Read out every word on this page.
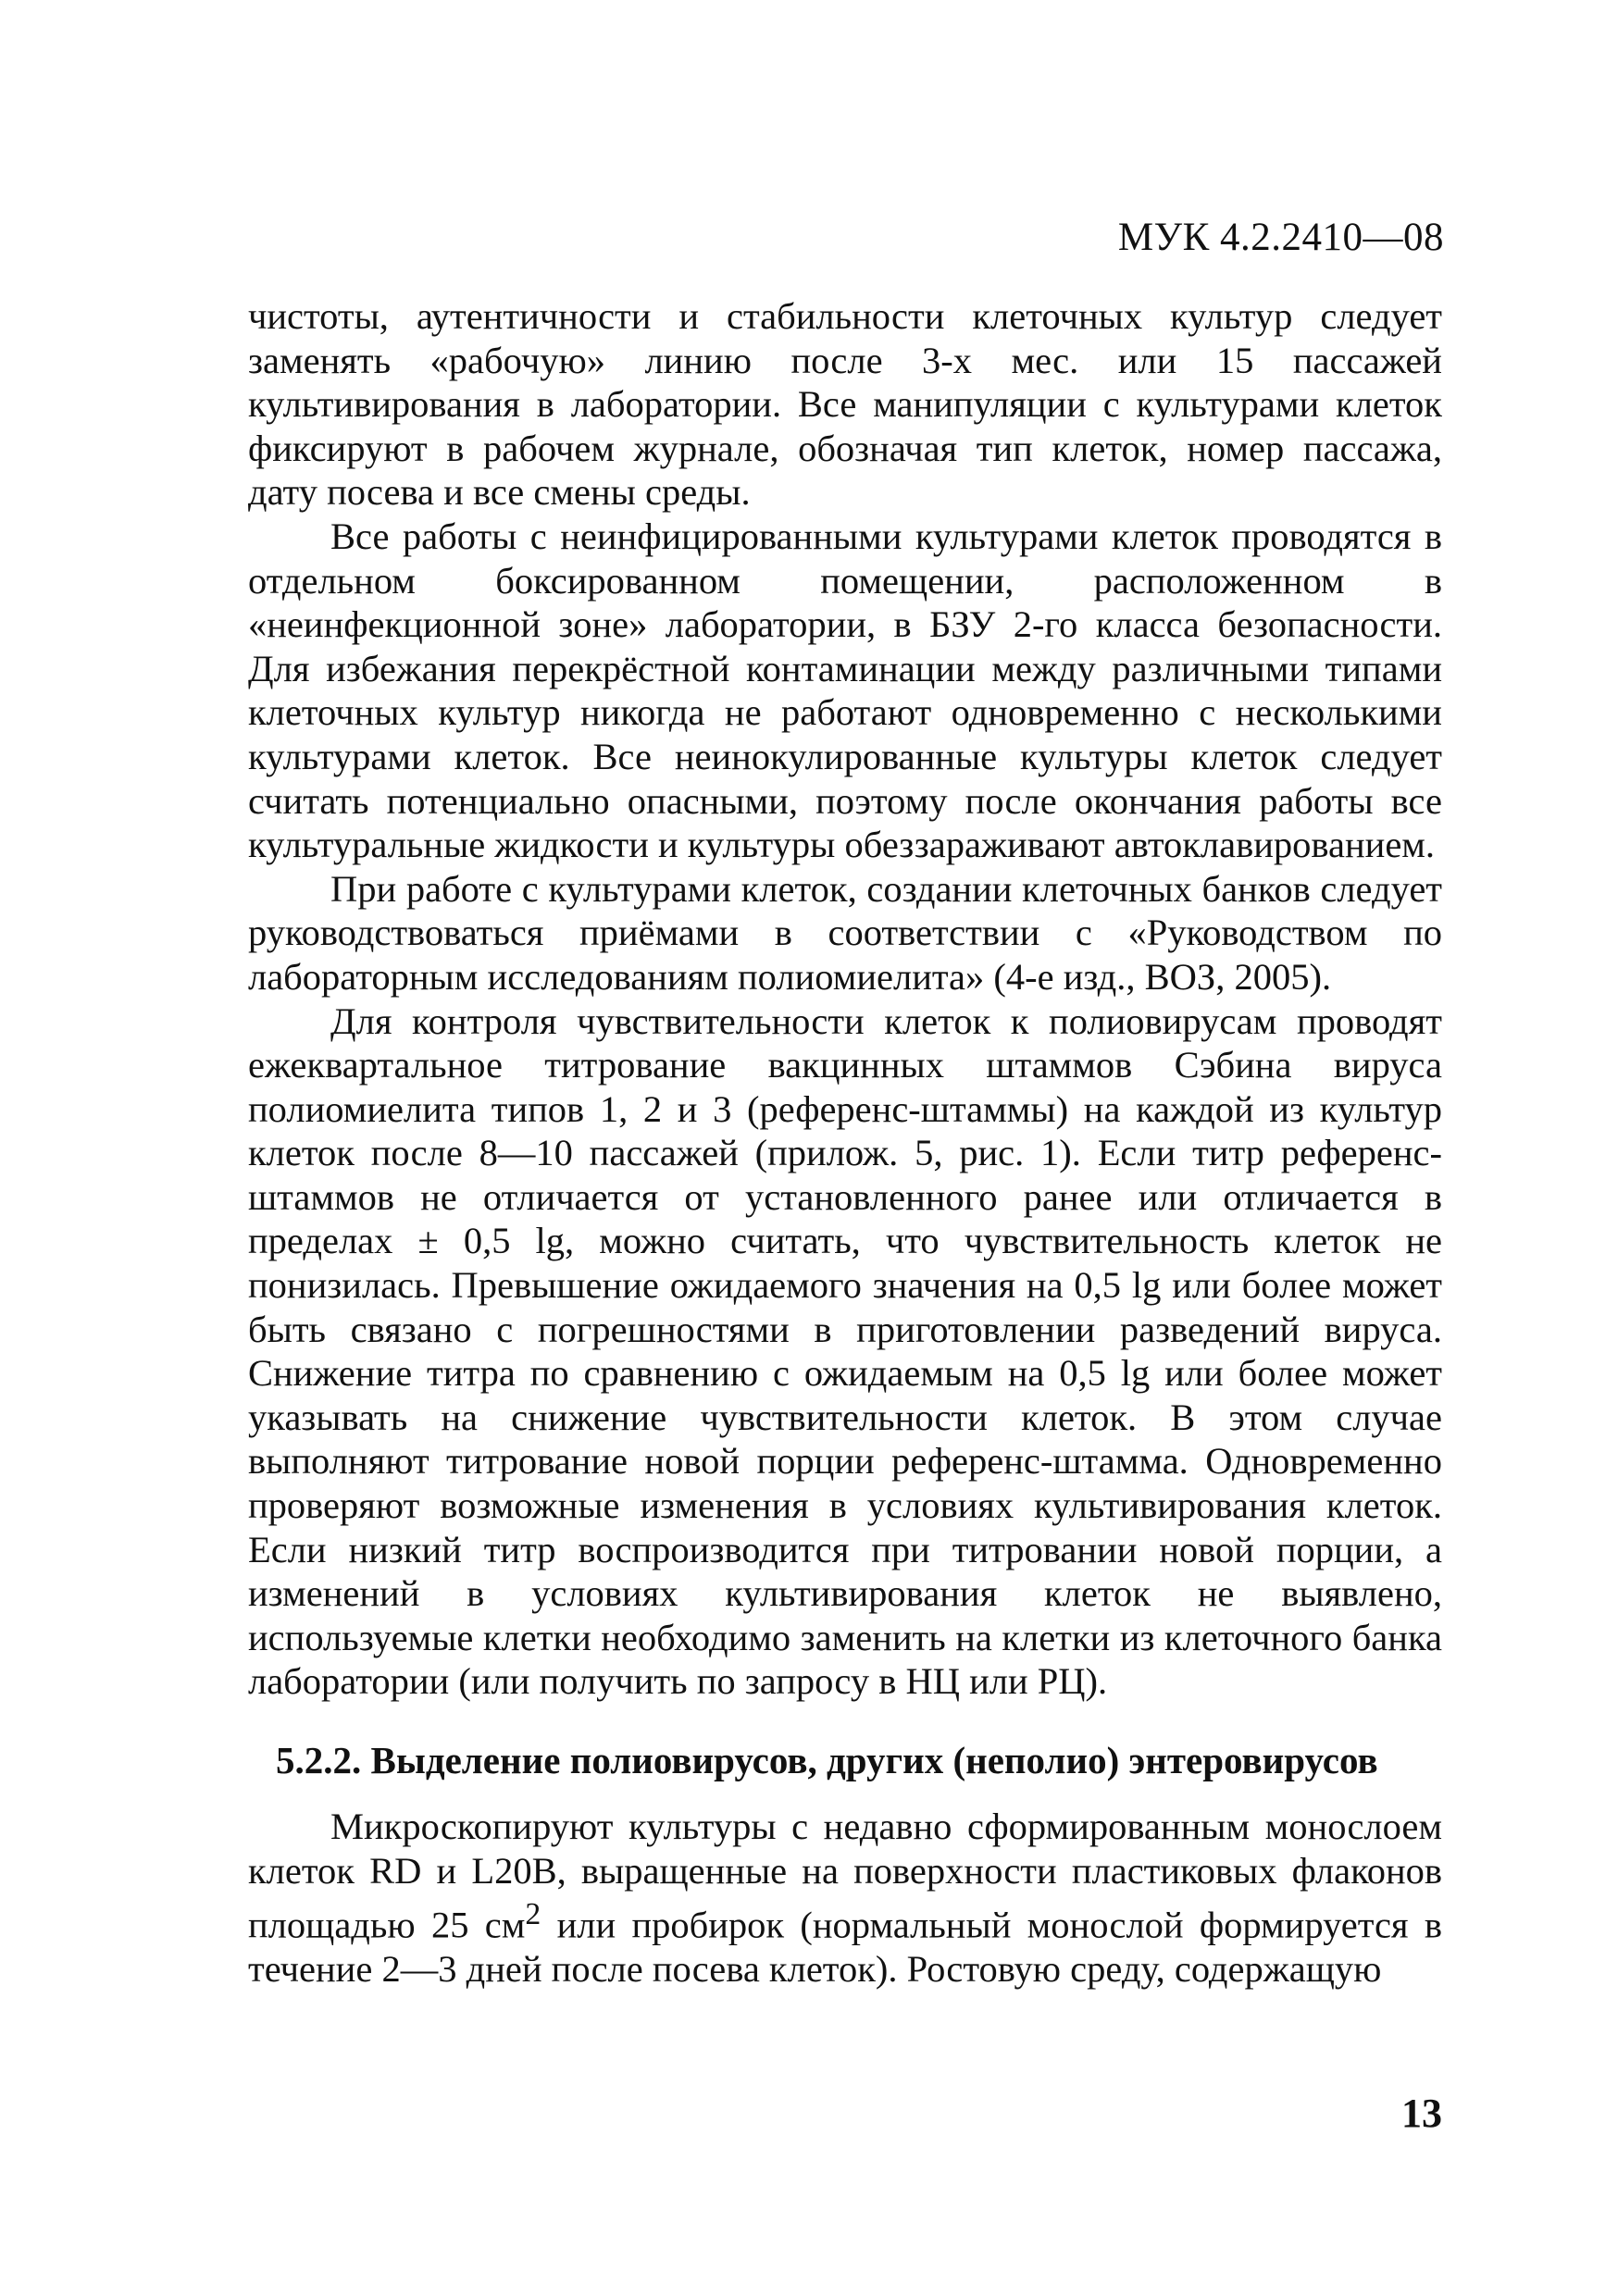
МУК 4.2.2410—08

чистоты, аутентичности и стабильности клеточных культур следует заменять «рабочую» линию после 3-х мес. или 15 пассажей культивирования в лаборатории. Все манипуляции с культурами клеток фиксируют в рабочем журнале, обозначая тип клеток, номер пассажа, дату посева и все смены среды.

Все работы с неинфицированными культурами клеток проводятся в отдельном боксированном помещении, расположенном в «неинфекционной зоне» лаборатории, в БЗУ 2-го класса безопасности. Для избежания перекрёстной контаминации между различными типами клеточных культур никогда не работают одновременно с несколькими культурами клеток. Все неинокулированные культуры клеток следует считать потенциально опасными, поэтому после окончания работы все культуральные жидкости и культуры обеззараживают автоклавированием.

При работе с культурами клеток, создании клеточных банков следует руководствоваться приёмами в соответствии с «Руководством по лабораторным исследованиям полиомиелита» (4-е изд., ВОЗ, 2005).

Для контроля чувствительности клеток к полиовирусам проводят ежеквартальное титрование вакцинных штаммов Сэбина вируса полиомиелита типов 1, 2 и 3 (референс-штаммы) на каждой из культур клеток после 8—10 пассажей (прилож. 5, рис. 1). Если титр референс-штаммов не отличается от установленного ранее или отличается в пределах ± 0,5 lg, можно считать, что чувствительность клеток не понизилась. Превышение ожидаемого значения на 0,5 lg или более может быть связано с погрешностями в приготовлении разведений вируса. Снижение титра по сравнению с ожидаемым на 0,5 lg или более может указывать на снижение чувствительности клеток. В этом случае выполняют титрование новой порции референс-штамма. Одновременно проверяют возможные изменения в условиях культивирования клеток. Если низкий титр воспроизводится при титровании новой порции, а изменений в условиях культивирования клеток не выявлено, используемые клетки необходимо заменить на клетки из клеточного банка лаборатории (или получить по запросу в НЦ или РЦ).

5.2.2. Выделение полиовирусов, других (неполио) энтеровирусов

Микроскопируют культуры с недавно сформированным монослоем клеток RD и L20B, выращенные на поверхности пластиковых флаконов площадью 25 $см^2$ или пробирок (нормальный монослой формируется в течение 2—3 дней после посева клеток). Ростовую среду, содержащую

13
